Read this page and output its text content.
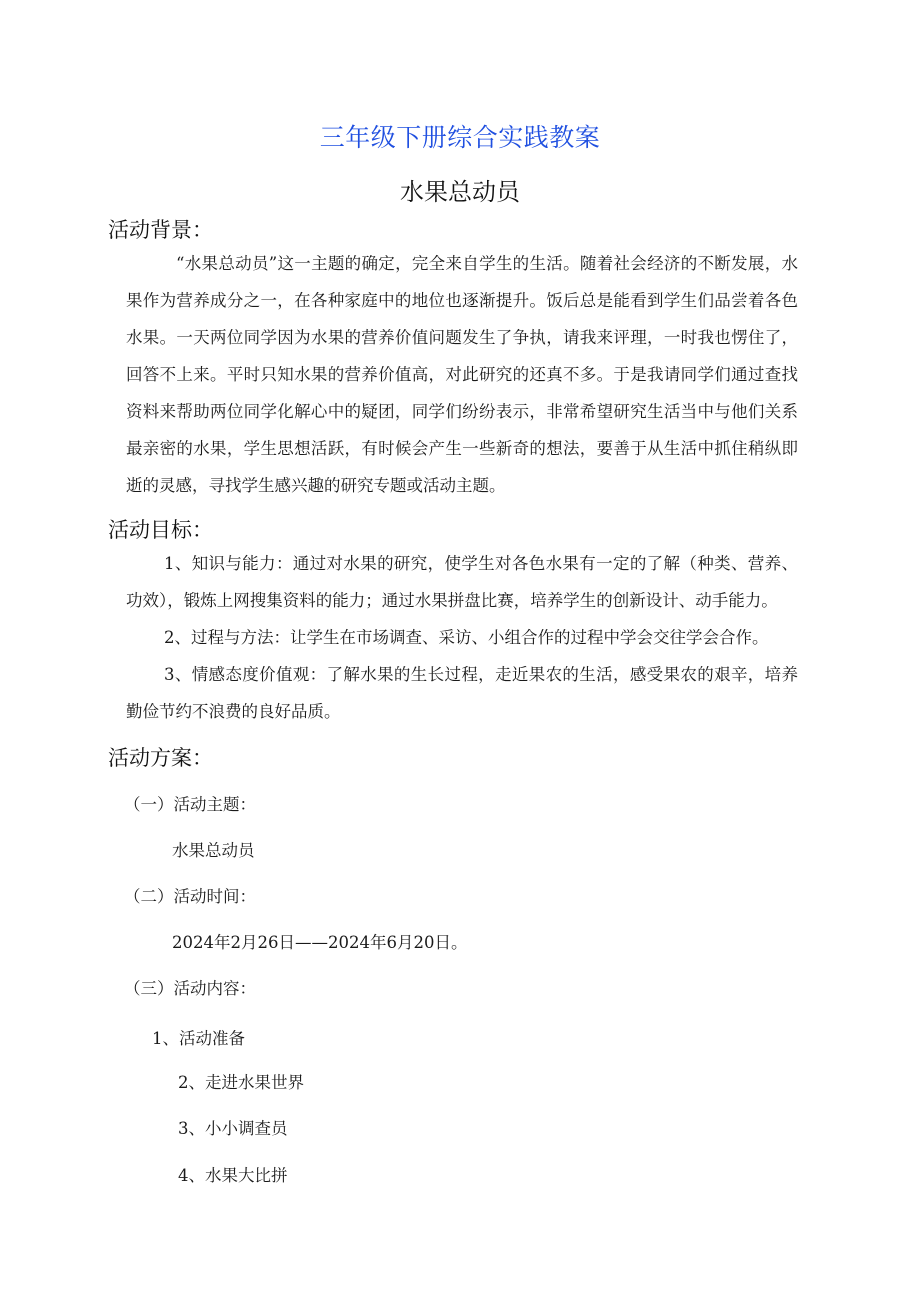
三年级下册综合实践教案
水果总动员
活动背景：
“水果总动员”这一主题的确定，完全来自学生的生活。随着社会经济的不断发展，水果作为营养成分之一，在各种家庭中的地位也逐渐提升。饭后总是能看到学生们品尝着各色水果。一天两位同学因为水果的营养价值问题发生了争执，请我来评理，一时我也愣住了，回答不上来。平时只知水果的营养价值高，对此研究的还真不多。于是我请同学们通过查找资料来帮助两位同学化解心中的疑团，同学们纷纷表示，非常希望研究生活当中与他们关系最亲密的水果，学生思想活跃，有时候会产生一些新奇的想法，要善于从生活中抓住稍纵即逝的灵感，寻找学生感兴趣的研究专题或活动主题。
活动目标：
1、知识与能力：通过对水果的研究，使学生对各色水果有一定的了解（种类、营养、功效），锻炼上网搜集资料的能力；通过水果拼盘比赛，培养学生的创新设计、动手能力。
2、过程与方法：让学生在市场调查、采访、小组合作的过程中学会交往学会合作。
3、情感态度价值观：了解水果的生长过程，走近果农的生活，感受果农的艰辛，培养勤俭节约不浪费的良好品质。
活动方案：
（一）活动主题：
水果总动员
（二）活动时间：
2024年2月26日——2024年6月20日。
（三）活动内容：
1、活动准备
2、走进水果世界
3、小小调查员
4、水果大比拼
